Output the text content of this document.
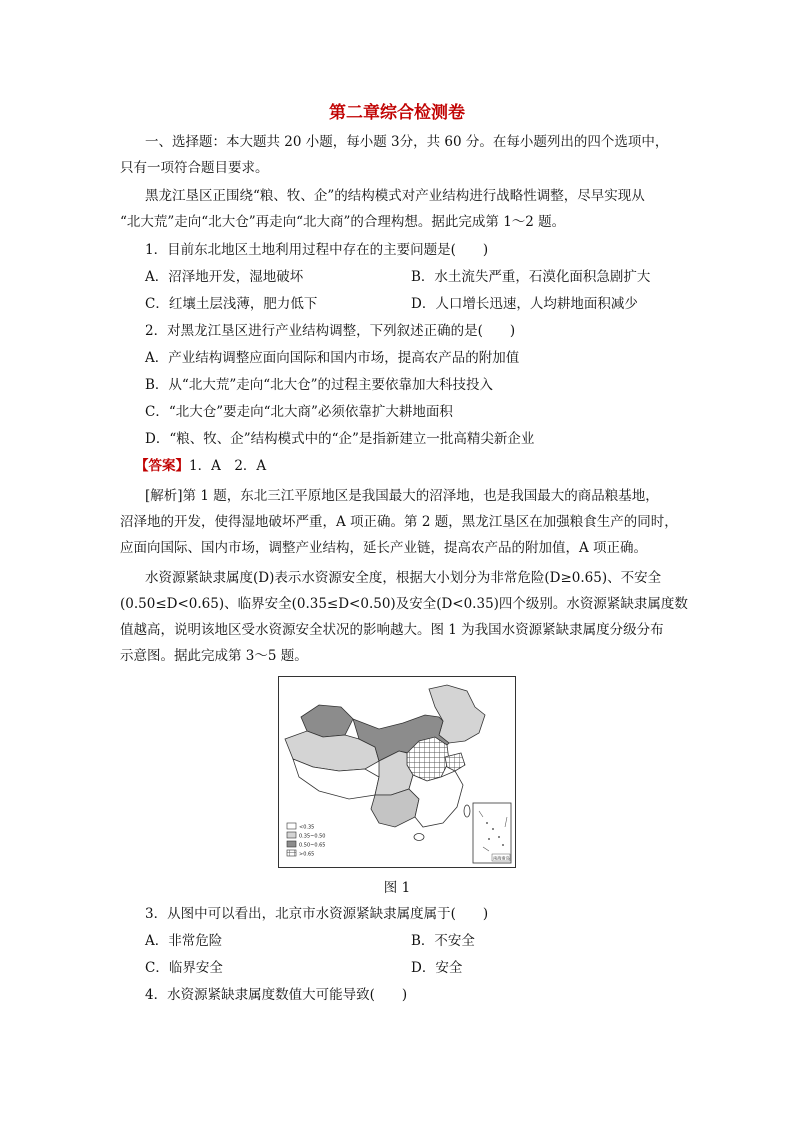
第二章综合检测卷
一、选择题：本大题共 20 小题，每小题 3分，共 60 分。在每小题列出的四个选项中，
只有一项符合题目要求。
黑龙江垦区正围绕“粮、牧、企”的结构模式对产业结构进行战略性调整，尽早实现从
“北大荒”走向“北大仓”再走向“北大商”的合理构想。据此完成第 1～2 题。
1．目前东北地区土地利用过程中存在的主要问题是(　　)
A．沼泽地开发，湿地破坏	B．水土流失严重，石漠化面积急剧扩大
C．红壤土层浅薄，肥力低下	D．人口增长迅速，人均耕地面积减少
2．对黑龙江垦区进行产业结构调整，下列叙述正确的是(　　)
A．产业结构调整应面向国际和国内市场，提高农产品的附加值
B．从“北大荒”走向“北大仓”的过程主要依靠加大科技投入
C．“北大仓”要走向“北大商”必须依靠扩大耕地面积
D．“粮、牧、企”结构模式中的“企”是指新建立一批高精尖新企业
【答案】1．A　2．A
[解析]第 1 题，东北三江平原地区是我国最大的沼泽地，也是我国最大的商品粮基地，
沼泽地的开发，使得湿地破坏严重，A 项正确。第 2 题，黑龙江垦区在加强粮食生产的同时，
应面向国际、国内市场，调整产业结构，延长产业链，提高农产品的附加值，A 项正确。
水资源紧缺隶属度(D)表示水资源安全度，根据大小划分为非常危险(D≥0.65)、不安全
(0.50≤D<0.65)、临界安全(0.35≤D<0.50)及安全(D<0.35)四个级别。水资源紧缺隶属度数
值越高，说明该地区受水资源安全状况的影响越大。图 1 为我国水资源紧缺隶属度分级分布
示意图。据此完成第 3～5 题。
<0.35
0.35~0.50
0.50~0.65
>0.65
南海诸岛
图 1
3．从图中可以看出，北京市水资源紧缺隶属度属于(　　)
A．非常危险	B．不安全
C．临界安全	D．安全
4．水资源紧缺隶属度数值大可能导致(　　)
